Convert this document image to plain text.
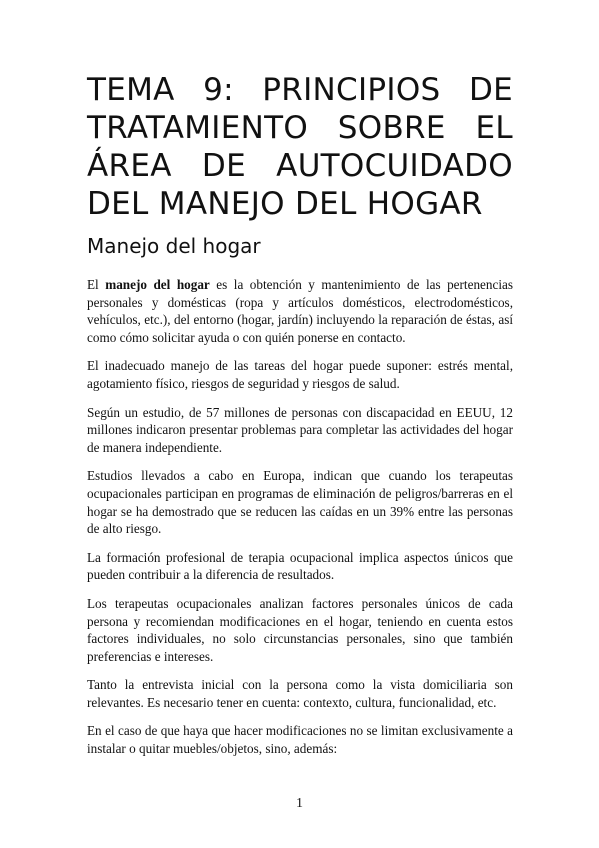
TEMA 9: PRINCIPIOS DE TRATAMIENTO SOBRE EL ÁREA DE AUTOCUIDADO DEL MANEJO DEL HOGAR
Manejo del hogar

El manejo del hogar es la obtención y mantenimiento de las pertenencias personales y domésticas (ropa y artículos domésticos, electrodomésticos, vehículos, etc.), del entorno (hogar, jardín) incluyendo la reparación de éstas, así como cómo solicitar ayuda o con quién ponerse en contacto.

El inadecuado manejo de las tareas del hogar puede suponer: estrés mental, agotamiento físico, riesgos de seguridad y riesgos de salud.

Según un estudio, de 57 millones de personas con discapacidad en EEUU, 12 millones indicaron presentar problemas para completar las actividades del hogar de manera independiente.

Estudios llevados a cabo en Europa, indican que cuando los terapeutas ocupacionales participan en programas de eliminación de peligros/barreras en el hogar se ha demostrado que se reducen las caídas en un 39% entre las personas de alto riesgo.

La formación profesional de terapia ocupacional implica aspectos únicos que pueden contribuir a la diferencia de resultados.

Los terapeutas ocupacionales analizan factores personales únicos de cada persona y recomiendan modificaciones en el hogar, teniendo en cuenta estos factores individuales, no solo circunstancias personales, sino que también preferencias e intereses.

Tanto la entrevista inicial con la persona como la vista domiciliaria son relevantes. Es necesario tener en cuenta: contexto, cultura, funcionalidad, etc.

En el caso de que haya que hacer modificaciones no se limitan exclusivamente a instalar o quitar muebles/objetos, sino, además:

1
